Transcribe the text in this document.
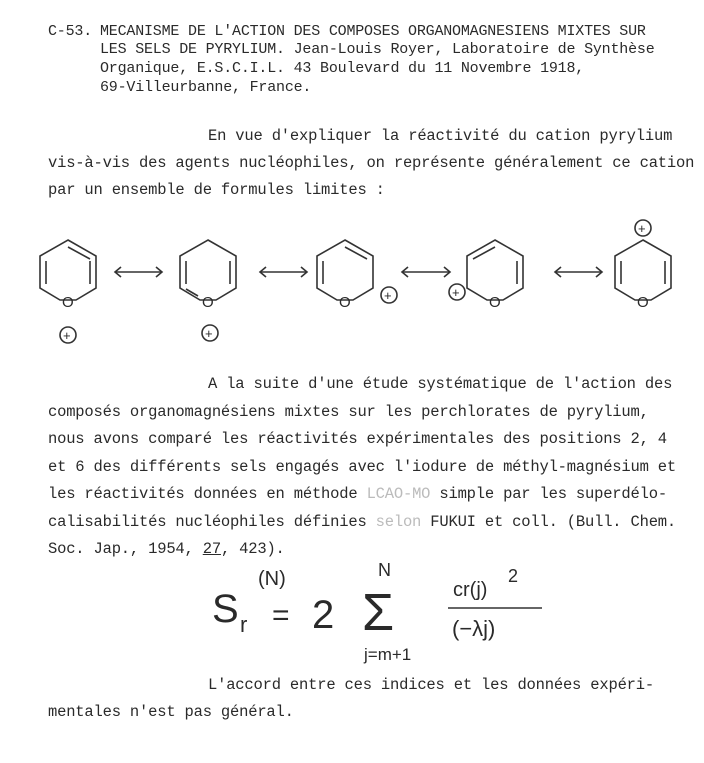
C-53. MECANISME DE L'ACTION DES COMPOSES ORGANOMAGNESIENS MIXTES SUR
LES SELS DE PYRYLIUM. Jean-Louis Royer, Laboratoire de Synthèse
Organique, E.S.C.I.L. 43 Boulevard du 11 Novembre 1918,
69-Villeurbanne, France.
En vue d'expliquer la réactivité du cation pyrylium
vis-à-vis des agents nucléophiles, on représente généralement ce cation
par un ensemble de formules limites :
O
+
O
+
O	+	O
+
O
+
A la suite d'une étude systématique de l'action des
composés organomagnésiens mixtes sur les perchlorates de pyrylium,
nous avons comparé les réactivités expérimentales des positions 2, 4
et 6 des différents sels engagés avec l'iodure de méthyl-magnésium et
les réactivités données en méthode LCAO-MO simple par les superdélo-
calisabilités nucléophiles définies selon FUKUI et coll. (Bull. Chem.
Soc. Jap., 1954, 27, 423).
S r
(N)
= 2 Σ
N
j=m+1
cr(j)
2
(−λj)
L'accord entre ces indices et les données expéri-
mentales n'est pas général.
